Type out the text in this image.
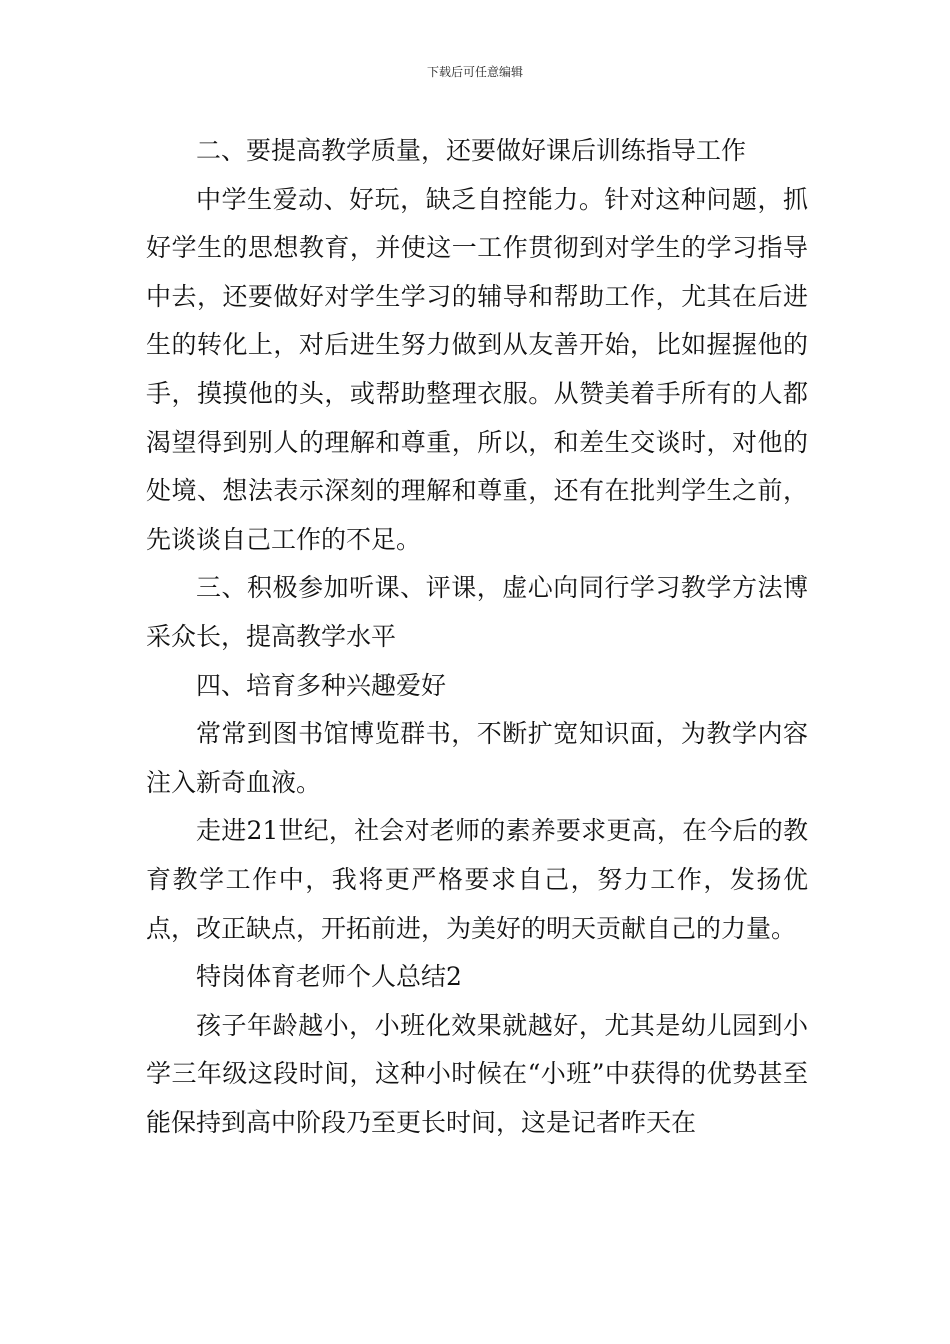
下载后可任意编辑

二、要提高教学质量，还要做好课后训练指导工作

中学生爱动、好玩，缺乏自控能力。针对这种问题，抓好学生的思想教育，并使这一工作贯彻到对学生的学习指导中去，还要做好对学生学习的辅导和帮助工作，尤其在后进生的转化上，对后进生努力做到从友善开始，比如握握他的手，摸摸他的头，或帮助整理衣服。从赞美着手所有的人都渴望得到别人的理解和尊重，所以，和差生交谈时，对他的处境、想法表示深刻的理解和尊重，还有在批判学生之前，先谈谈自己工作的不足。

三、积极参加听课、评课，虚心向同行学习教学方法博采众长，提高教学水平

四、培育多种兴趣爱好

常常到图书馆博览群书，不断扩宽知识面，为教学内容注入新奇血液。

走进21世纪，社会对老师的素养要求更高，在今后的教育教学工作中，我将更严格要求自己，努力工作，发扬优点，改正缺点，开拓前进，为美好的明天贡献自己的力量。

特岗体育老师个人总结2

孩子年龄越小，小班化效果就越好，尤其是幼儿园到小学三年级这段时间，这种小时候在“小班”中获得的优势甚至能保持到高中阶段乃至更长时间，这是记者昨天在
